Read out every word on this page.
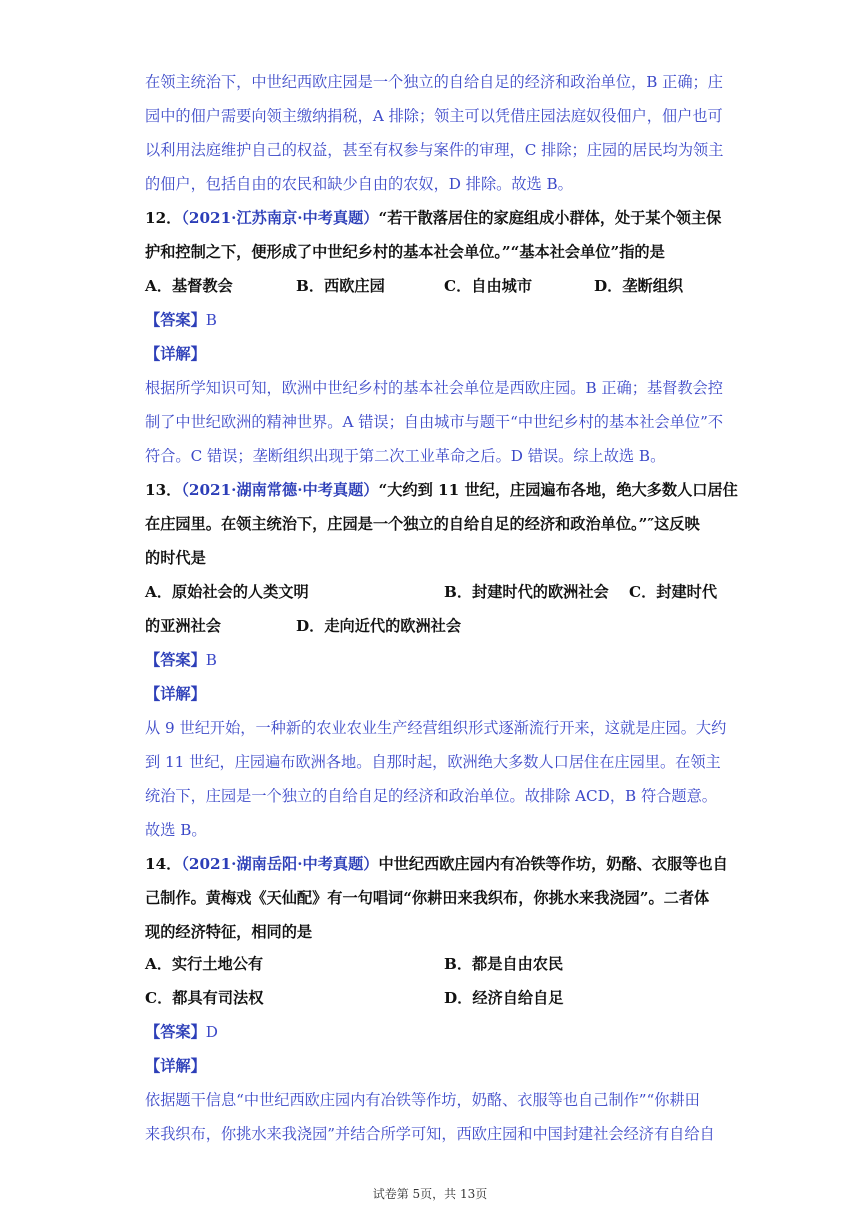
在领主统治下，中世纪西欧庄园是一个独立的自给自足的经济和政治单位，B 正确；庄
园中的佃户需要向领主缴纳捐税，A 排除；领主可以凭借庄园法庭奴役佃户，佃户也可
以利用法庭维护自己的权益，甚至有权参与案件的审理，C 排除；庄园的居民均为领主
的佃户，包括自由的农民和缺少自由的农奴，D 排除。故选 B。
12．（2021·江苏南京·中考真题）“若干散落居住的家庭组成小群体，处于某个领主保
护和控制之下，便形成了中世纪乡村的基本社会单位。”“基本社会单位”指的是
A．基督教会	B．西欧庄园	C．自由城市	D．垄断组织
【答案】B
【详解】
根据所学知识可知，欧洲中世纪乡村的基本社会单位是西欧庄园。B 正确；基督教会控
制了中世纪欧洲的精神世界。A 错误；自由城市与题干“中世纪乡村的基本社会单位”不
符合。C 错误；垄断组织出现于第二次工业革命之后。D 错误。综上故选 B。
13．（2021·湖南常德·中考真题）“大约到 11 世纪，庄园遍布各地，绝大多数人口居住
在庄园里。在领主统治下，庄园是一个独立的自给自足的经济和政治单位。”″这反映
的时代是
A．原始社会的人类文明	B．封建时代的欧洲社会 C．封建时代
的亚洲社会	D．走向近代的欧洲社会
【答案】B
【详解】
从 9 世纪开始，一种新的农业农业生产经营组织形式逐渐流行开来，这就是庄园。大约
到 11 世纪，庄园遍布欧洲各地。自那时起，欧洲绝大多数人口居住在庄园里。在领主
统治下，庄园是一个独立的自给自足的经济和政治单位。故排除 ACD，B 符合题意。
故选 B。
14．（2021·湖南岳阳·中考真题）中世纪西欧庄园内有冶铁等作坊，奶酪、衣服等也自
己制作。黄梅戏《天仙配》有一句唱词“你耕田来我织布，你挑水来我浇园”。二者体
现的经济特征，相同的是
A．实行土地公有	B．都是自由农民
C．都具有司法权	D．经济自给自足
【答案】D
【详解】
依据题干信息“中世纪西欧庄园内有冶铁等作坊，奶酪、衣服等也自己制作”“你耕田
来我织布，你挑水来我浇园”并结合所学可知，西欧庄园和中国封建社会经济有自给自
试卷第 5页，共 13页
